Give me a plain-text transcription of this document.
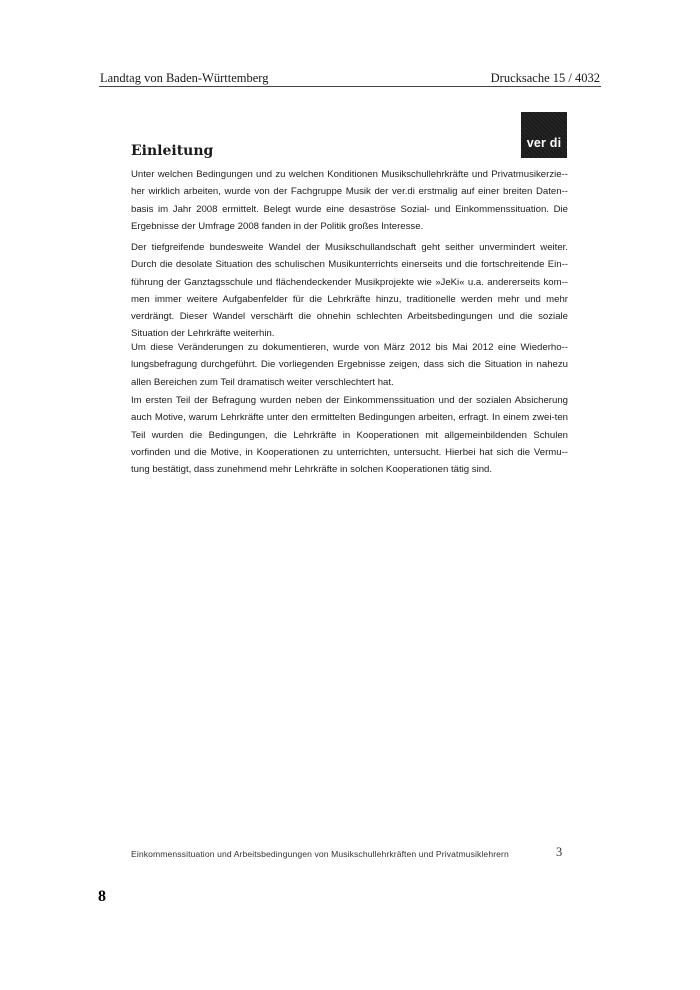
Landtag von Baden-Württemberg	Drucksache 15 / 4032
ver di
Einleitung

Unter welchen Bedingungen und zu welchen Konditionen Musikschullehrkräfte und Privatmusikerzie-her wirklich arbeiten, wurde von der Fachgruppe Musik der ver.di erstmalig auf einer breiten Daten-basis im Jahr 2008 ermittelt. Belegt wurde eine desaströse Sozial- und Einkommenssituation. Die Ergebnisse der Umfrage 2008 fanden in der Politik großes Interesse.

Der tiefgreifende bundesweite Wandel der Musikschullandschaft geht seither unvermindert weiter. Durch die desolate Situation des schulischen Musikunterrichts einerseits und die fortschreitende Ein-führung der Ganztagsschule und flächendeckender Musikprojekte wie »JeKi« u.a. andererseits kom-men immer weitere Aufgabenfelder für die Lehrkräfte hinzu, traditionelle werden mehr und mehr verdrängt. Dieser Wandel verschärft die ohnehin schlechten Arbeitsbedingungen und die soziale Situation der Lehrkräfte weiterhin.

Um diese Veränderungen zu dokumentieren, wurde von März 2012 bis Mai 2012 eine Wiederho-lungsbefragung durchgeführt. Die vorliegenden Ergebnisse zeigen, dass sich die Situation in nahezu allen Bereichen zum Teil dramatisch weiter verschlechtert hat.

Im ersten Teil der Befragung wurden neben der Einkommenssituation und der sozialen Absicherung auch Motive, warum Lehrkräfte unter den ermittelten Bedingungen arbeiten, erfragt. In einem zwei-ten Teil wurden die Bedingungen, die Lehrkräfte in Kooperationen mit allgemeinbildenden Schulen vorfinden und die Motive, in Kooperationen zu unterrichten, untersucht. Hierbei hat sich die Vermu-tung bestätigt, dass zunehmend mehr Lehrkräfte in solchen Kooperationen tätig sind.

Einkommenssituation und Arbeitsbedingungen von Musikschullehrkräften und Privatmusiklehrern	3
8
